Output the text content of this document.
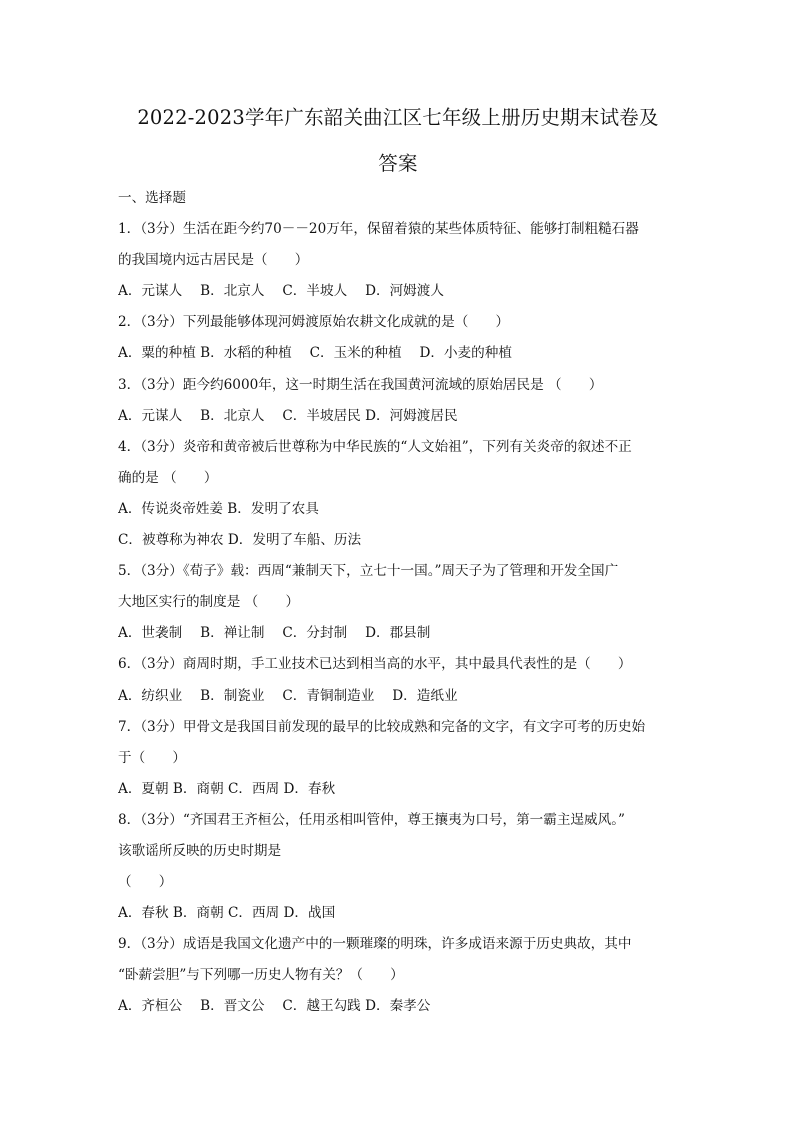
2022-2023学年广东韶关曲江区七年级上册历史期末试卷及
答案
一、选择题
1．（3分）生活在距今约70－－20万年，保留着猿的某些体质特征、能够打制粗糙石器
的我国境内远古居民是（　　）
A．元谋人　 B．北京人　 C．半坡人　 D．河姆渡人
2．（3分）下列最能够体现河姆渡原始农耕文化成就的是（　　）
A．粟的种植 B．水稻的种植　 C．玉米的种植　 D．小麦的种植
3．（3分）距今约6000年，这一时期生活在我国黄河流域的原始居民是 （　　）
A．元谋人　 B．北京人　 C．半坡居民 D．河姆渡居民
4．（3分）炎帝和黄帝被后世尊称为中华民族的“人文始祖”，下列有关炎帝的叙述不正
确的是 （　　）
A．传说炎帝姓姜 B．发明了农具
C．被尊称为神农 D．发明了车船、历法
5．（3分）《荀子》载：西周“兼制天下，立七十一国。”周天子为了管理和开发全国广
大地区实行的制度是 （　　）
A．世袭制　 B．禅让制　 C．分封制　 D．郡县制
6．（3分）商周时期，手工业技术已达到相当高的水平，其中最具代表性的是（　　）
A．纺织业　 B．制瓷业　 C．青铜制造业　 D．造纸业
7．（3分）甲骨文是我国目前发现的最早的比较成熟和完备的文字，有文字可考的历史始
于（　　）
A．夏朝 B．商朝 C．西周 D．春秋
8．（3分）“齐国君王齐桓公，任用丞相叫管仲，尊王攘夷为口号，第一霸主逞威风。”
该歌谣所反映的历史时期是
（　　）
A．春秋 B．商朝 C．西周 D．战国
9．（3分）成语是我国文化遗产中的一颗璀璨的明珠，许多成语来源于历史典故，其中
“卧薪尝胆”与下列哪一历史人物有关？（　　）
A．齐桓公　 B．晋文公　 C．越王勾践 D．秦孝公
